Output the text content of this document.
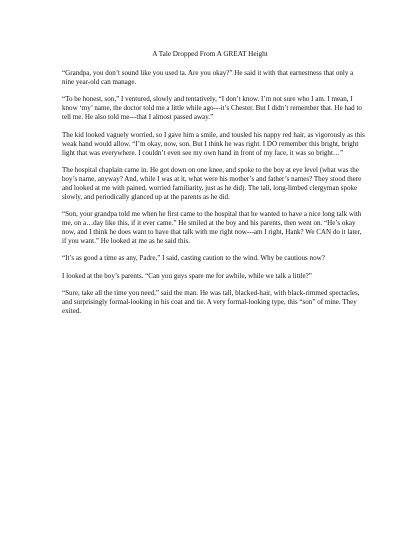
A Tale Dropped From A GREAT Height

“Grandpa, you don’t sound like you used ta. Are you okay?” He said it with that earnestness that only a nine year-old can manage.

“To be honest, son,” I ventured, slowly and tentatively, “I don’t know. I’m not sure who I am. I mean, I know ‘my’ name, the doctor told me a little while ago---it’s Chester. But I didn’t remember that. He had to tell me. He also told me---that I almost passed away.”

The kid looked vaguely worried, so I gave him a smile, and tousled his nappy red hair, as vigorously as this weak hand would allow. “I’m okay, now, son. But I think he was right. I DO remember this bright, bright light that was everywhere. I couldn’t even see my own hand in front of my face, it was so bright…”

The hospital chaplain came in. He got down on one knee, and spoke to the boy at eye level (what was the boy’s name, anyway? And, while I was at it, what were his mother’s and father’s names? They stood there and looked at me with pained, worried familiarity, just as he did). The tall, long-limbed clergyman spoke slowly, and periodically glanced up at the parents as he did.

“Son, your grandpa told me when he first came to the hospital that he wanted to have a nice long talk with me, on a…day like this, if it ever came.” He smiled at the boy and his parents, then went on. “He’s okay now, and I think he does want to have that talk with me right now---am I right, Hank? We CAN do it later, if you want.” He looked at me as he said this.

“It’s as good a time as any, Padre,” I said, casting caution to the wind. Why be cautious now?

I looked at the boy’s parents. “Can you guys spare me for awhile, while we talk a little?”

“Sure, take all the time you need,” said the man. He was tall, blacked-hair, with black-rimmed spectacles, and surprisingly formal-looking in his coat and tie. A very formal-looking type, this “son” of mine. They exited.
